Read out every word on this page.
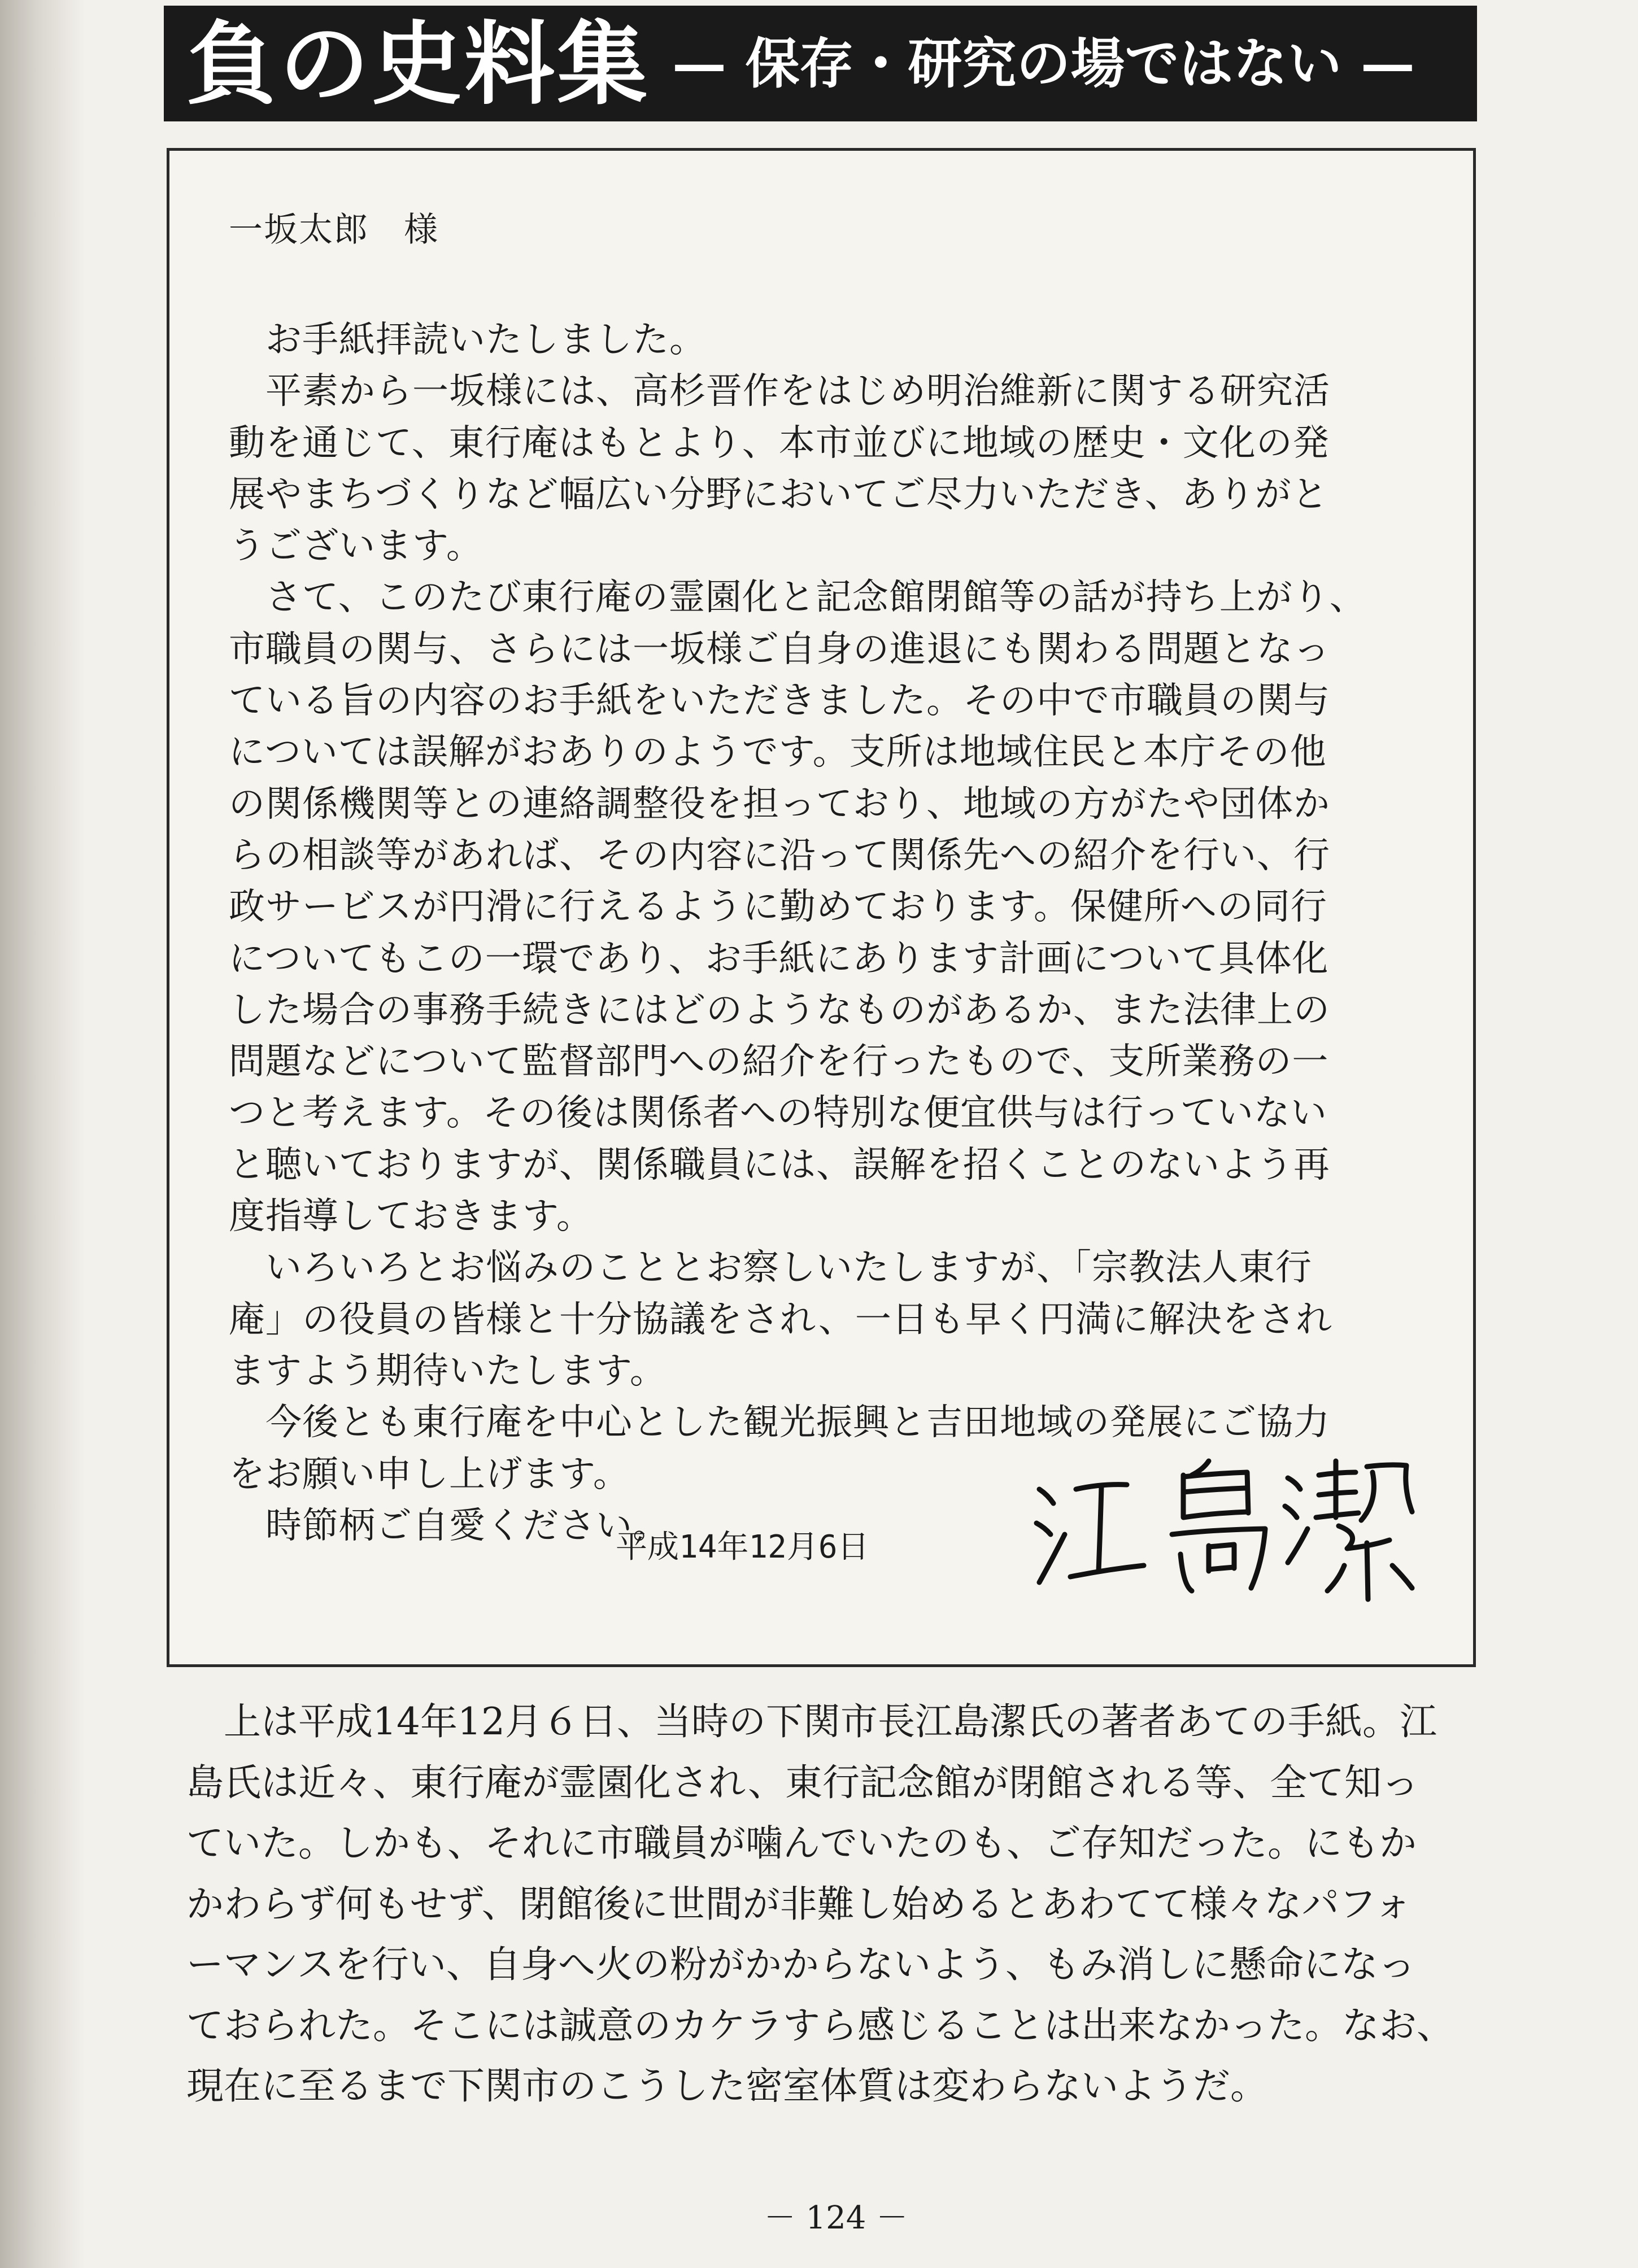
負の史料集 — 保存・研究の場ではない —
一坂太郎　様
　お手紙拝読いたしました。
　平素から一坂様には、高杉晋作をはじめ明治維新に関する研究活
動を通じて、東行庵はもとより、本市並びに地域の歴史・文化の発
展やまちづくりなど幅広い分野においてご尽力いただき、ありがと
うございます。
　さて、このたび東行庵の霊園化と記念館閉館等の話が持ち上がり、
市職員の関与、さらには一坂様ご自身の進退にも関わる問題となっ
ている旨の内容のお手紙をいただきました。その中で市職員の関与
については誤解がおありのようです。支所は地域住民と本庁その他
の関係機関等との連絡調整役を担っており、地域の方がたや団体か
らの相談等があれば、その内容に沿って関係先への紹介を行い、行
政サービスが円滑に行えるように勤めております。保健所への同行
についてもこの一環であり、お手紙にあります計画について具体化
した場合の事務手続きにはどのようなものがあるか、また法律上の
問題などについて監督部門への紹介を行ったもので、支所業務の一
つと考えます。その後は関係者への特別な便宜供与は行っていない
と聴いておりますが、関係職員には、誤解を招くことのないよう再
度指導しておきます。
　いろいろとお悩みのこととお察しいたしますが、「宗教法人東行
庵」の役員の皆様と十分協議をされ、一日も早く円満に解決をされ
ますよう期待いたします。
　今後とも東行庵を中心とした観光振興と吉田地域の発展にご協力
をお願い申し上げます。
　時節柄ご自愛ください。
平成14年12月6日
　上は平成14年12月６日、当時の下関市長江島潔氏の著者あての手紙。江
島氏は近々、東行庵が霊園化され、東行記念館が閉館される等、全て知っ
ていた。しかも、それに市職員が噛んでいたのも、ご存知だった。にもか
かわらず何もせず、閉館後に世間が非難し始めるとあわてて様々なパフォ
ーマンスを行い、自身へ火の粉がかからないよう、もみ消しに懸命になっ
ておられた。そこには誠意のカケラすら感じることは出来なかった。なお、
現在に至るまで下関市のこうした密室体質は変わらないようだ。
－ 124 －
